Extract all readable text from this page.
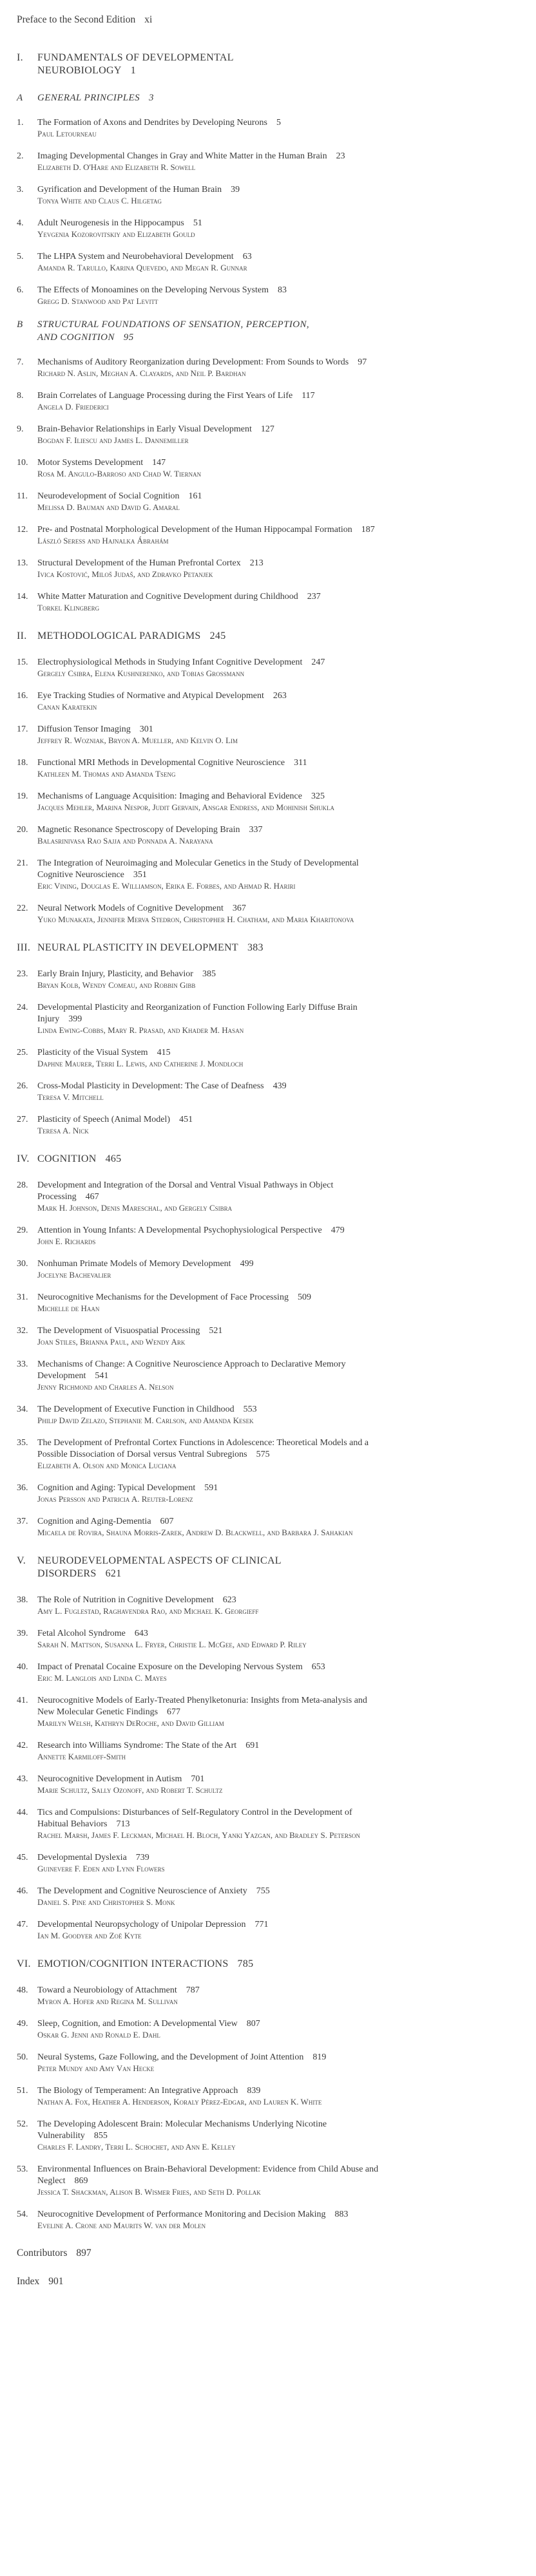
Preface to the Second Edition xi
I.	FUNDAMENTALS OF DEVELOPMENTAL NEUROBIOLOGY 1
A	GENERAL PRINCIPLES 3
1.	The Formation of Axons and Dendrites by Developing Neurons 5
Paul Letourneau
2.	Imaging Developmental Changes in Gray and White Matter in the Human Brain 23
Elizabeth D. O'Hare and Elizabeth R. Sowell
3.	Gyrification and Development of the Human Brain 39
Tonya White and Claus C. Hilgetag
4.	Adult Neurogenesis in the Hippocampus 51
Yevgenia Kozorovitskiy and Elizabeth Gould
5.	The LHPA System and Neurobehavioral Development 63
Amanda R. Tarullo, Karina Quevedo, and Megan R. Gunnar
6.	The Effects of Monoamines on the Developing Nervous System 83
Gregg D. Stanwood and Pat Levitt
B	STRUCTURAL FOUNDATIONS OF SENSATION, PERCEPTION, AND COGNITION 95
7.	Mechanisms of Auditory Reorganization during Development: From Sounds to Words 97
Richard N. Aslin, Meghan A. Clayards, and Neil P. Bardhan
8.	Brain Correlates of Language Processing during the First Years of Life 117
Angela D. Friederici
9.	Brain-Behavior Relationships in Early Visual Development 127
Bogdan F. Iliescu and James L. Dannemiller
10.	Motor Systems Development 147
Rosa M. Angulo-Barroso and Chad W. Tiernan
11.	Neurodevelopment of Social Cognition 161
Melissa D. Bauman and David G. Amaral
12.	Pre- and Postnatal Morphological Development of the Human Hippocampal Formation 187
László Seress and Hajnalka Ábrahám
13.	Structural Development of the Human Prefrontal Cortex 213
Ivica Kostović, Miloš Judaš, and Zdravko Petanjek
14.	White Matter Maturation and Cognitive Development during Childhood 237
Torkel Klingberg
II.	METHODOLOGICAL PARADIGMS 245
15.	Electrophysiological Methods in Studying Infant Cognitive Development 247
Gergely Csibra, Elena Kushnerenko, and Tobias Grossmann
16.	Eye Tracking Studies of Normative and Atypical Development 263
Canan Karatekin
17.	Diffusion Tensor Imaging 301
Jeffrey R. Wozniak, Bryon A. Mueller, and Kelvin O. Lim
18.	Functional MRI Methods in Developmental Cognitive Neuroscience 311
Kathleen M. Thomas and Amanda Tseng
19.	Mechanisms of Language Acquisition: Imaging and Behavioral Evidence 325
Jacques Mehler, Marina Nespor, Judit Gervain, Ansgar Endress, and Mohinish Shukla
20.	Magnetic Resonance Spectroscopy of Developing Brain 337
Balasrinivasa Rao Sajja and Ponnada A. Narayana
21.	The Integration of Neuroimaging and Molecular Genetics in the Study of Developmental Cognitive Neuroscience 351
Eric Vining, Douglas E. Williamson, Erika E. Forbes, and Ahmad R. Hariri
22.	Neural Network Models of Cognitive Development 367
Yuko Munakata, Jennifer Merva Stedron, Christopher H. Chatham, and Maria Kharitonova
III. NEURAL PLASTICITY IN DEVELOPMENT 383
23.	Early Brain Injury, Plasticity, and Behavior 385
Bryan Kolb, Wendy Comeau, and Robbin Gibb
24.	Developmental Plasticity and Reorganization of Function Following Early Diffuse Brain Injury 399
Linda Ewing-Cobbs, Mary R. Prasad, and Khader M. Hasan
25.	Plasticity of the Visual System 415
Daphne Maurer, Terri L. Lewis, and Catherine J. Mondloch
26.	Cross-Modal Plasticity in Development: The Case of Deafness 439
Teresa V. Mitchell
27.	Plasticity of Speech (Animal Model) 451
Teresa A. Nick
IV. COGNITION 465
28.	Development and Integration of the Dorsal and Ventral Visual Pathways in Object Processing 467
Mark H. Johnson, Denis Mareschal, and Gergely Csibra
29.	Attention in Young Infants: A Developmental Psychophysiological Perspective 479
John E. Richards
30.	Nonhuman Primate Models of Memory Development 499
Jocelyne Bachevalier
31.	Neurocognitive Mechanisms for the Development of Face Processing 509
Michelle de Haan
32.	The Development of Visuospatial Processing 521
Joan Stiles, Brianna Paul, and Wendy Ark
33.	Mechanisms of Change: A Cognitive Neuroscience Approach to Declarative Memory Development 541
Jenny Richmond and Charles A. Nelson
34.	The Development of Executive Function in Childhood 553
Philip David Zelazo, Stephanie M. Carlson, and Amanda Kesek
35.	The Development of Prefrontal Cortex Functions in Adolescence: Theoretical Models and a Possible Dissociation of Dorsal versus Ventral Subregions 575
Elizabeth A. Olson and Monica Luciana
36.	Cognition and Aging: Typical Development 591
Jonas Persson and Patricia A. Reuter-Lorenz
37.	Cognition and Aging-Dementia 607
Micaela de Rovira, Shauna Morris-Zarek, Andrew D. Blackwell, and Barbara J. Sahakian
V.	NEURODEVELOPMENTAL ASPECTS OF CLINICAL DISORDERS 621
38.	The Role of Nutrition in Cognitive Development 623
Amy L. Fuglestad, Raghavendra Rao, and Michael K. Georgieff
39.	Fetal Alcohol Syndrome 643
Sarah N. Mattson, Susanna L. Fryer, Christie L. McGee, and Edward P. Riley
40.	Impact of Prenatal Cocaine Exposure on the Developing Nervous System 653
Eric M. Langlois and Linda C. Mayes
41.	Neurocognitive Models of Early-Treated Phenylketonuria: Insights from Meta-analysis and New Molecular Genetic Findings 677
Marilyn Welsh, Kathryn DeRoche, and David Gilliam
42.	Research into Williams Syndrome: The State of the Art 691
Annette Karmiloff-Smith
43.	Neurocognitive Development in Autism 701
Marie Schultz, Sally Ozonoff, and Robert T. Schultz
44.	Tics and Compulsions: Disturbances of Self-Regulatory Control in the Development of Habitual Behaviors 713
Rachel Marsh, James F. Leckman, Michael H. Bloch, Yanki Yazgan, and Bradley S. Peterson
45.	Developmental Dyslexia 739
Guinevere F. Eden and Lynn Flowers
46.	The Development and Cognitive Neuroscience of Anxiety 755
Daniel S. Pine and Christopher S. Monk
47.	Developmental Neuropsychology of Unipolar Depression 771
Ian M. Goodyer and Zoë Kyte
VI. EMOTION/COGNITION INTERACTIONS 785
48.	Toward a Neurobiology of Attachment 787
Myron A. Hofer and Regina M. Sullivan
49.	Sleep, Cognition, and Emotion: A Developmental View 807
Oskar G. Jenni and Ronald E. Dahl
50.	Neural Systems, Gaze Following, and the Development of Joint Attention 819
Peter Mundy and Amy Van Hecke
51.	The Biology of Temperament: An Integrative Approach 839
Nathan A. Fox, Heather A. Henderson, Koraly Pérez-Edgar, and Lauren K. White
52.	The Developing Adolescent Brain: Molecular Mechanisms Underlying Nicotine Vulnerability 855
Charles F. Landry, Terri L. Schochet, and Ann E. Kelley
53.	Environmental Influences on Brain-Behavioral Development: Evidence from Child Abuse and Neglect 869
Jessica T. Shackman, Alison B. Wismer Fries, and Seth D. Pollak
54.	Neurocognitive Development of Performance Monitoring and Decision Making 883
Eveline A. Crone and Maurits W. van der Molen
Contributors 897
Index 901
